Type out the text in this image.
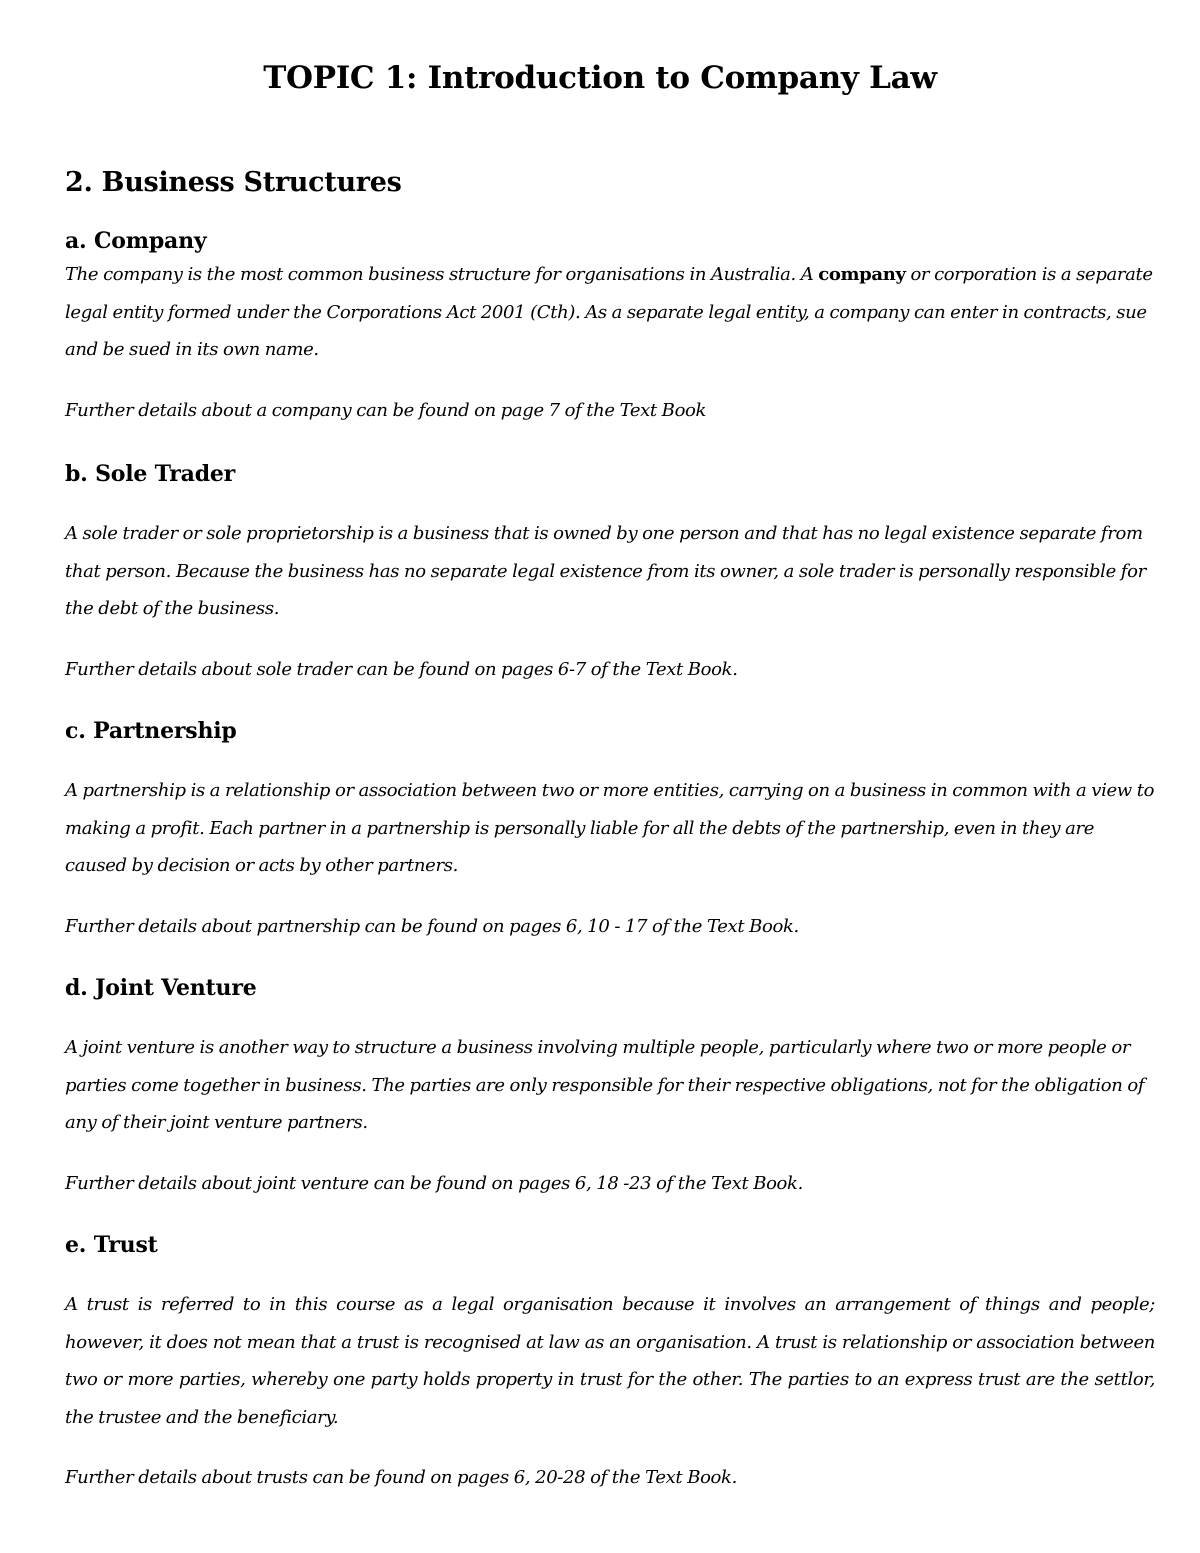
TOPIC 1: Introduction to Company Law
2. Business Structures
a. Company

The company is the most common business structure for organisations in Australia. A company or corporation is a separate legal entity formed under the Corporations Act 2001 (Cth). As a separate legal entity, a company can enter in contracts, sue and be sued in its own name.

Further details about a company can be found on page 7 of the Text Book

b. Sole Trader

A sole trader or sole proprietorship is a business that is owned by one person and that has no legal existence separate from that person. Because the business has no separate legal existence from its owner, a sole trader is personally responsible for the debt of the business.

Further details about sole trader can be found on pages 6-7 of the Text Book.

c. Partnership

A partnership is a relationship or association between two or more entities, carrying on a business in common with a view to making a profit. Each partner in a partnership is personally liable for all the debts of the partnership, even in they are caused by decision or acts by other partners.

Further details about partnership can be found on pages 6, 10 - 17 of the Text Book.

d. Joint Venture

A joint venture is another way to structure a business involving multiple people, particularly where two or more people or parties come together in business. The parties are only responsible for their respective obligations, not for the obligation of any of their joint venture partners.

Further details about joint venture can be found on pages 6, 18 -23 of the Text Book.

e. Trust

A trust is referred to in this course as a legal organisation because it involves an arrangement of things and people; however, it does not mean that a trust is recognised at law as an organisation. A trust is relationship or association between two or more parties, whereby one party holds property in trust for the other. The parties to an express trust are the settlor, the trustee and the beneficiary.

Further details about trusts can be found on pages 6, 20-28 of the Text Book.
